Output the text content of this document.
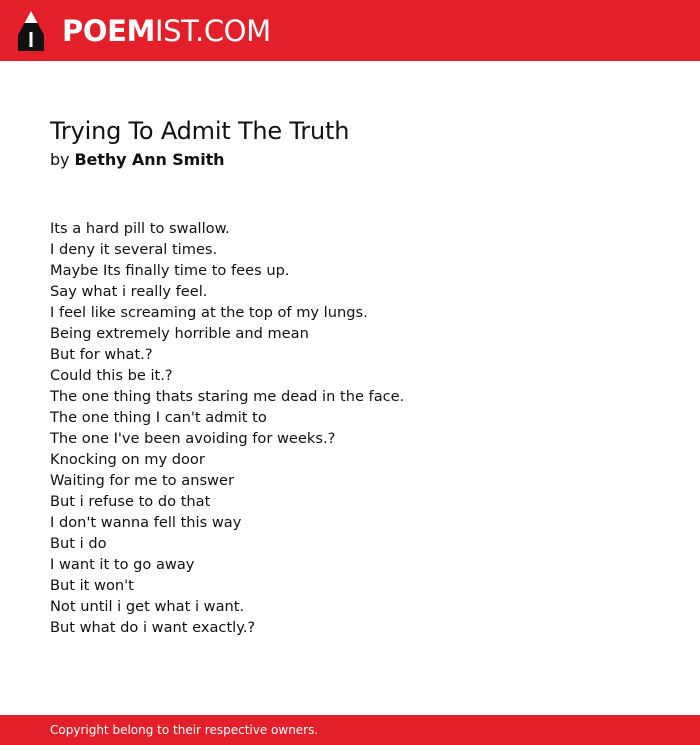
POEMIST.COM
Trying To Admit The Truth
by Bethy Ann Smith
Its a hard pill to swallow.
I deny it several times.
Maybe Its finally time to fees up.
Say what i really feel.
I feel like screaming at the top of my lungs.
Being extremely horrible and mean
But for what.?
Could this be it.?
The one thing thats staring me dead in the face.
The one thing I can't admit to
The one I've been avoiding for weeks.?
Knocking on my door
Waiting for me to answer
But i refuse to do that
I don't wanna fell this way
But i do
I want it to go away
But it won't
Not until i get what i want.
But what do i want exactly.?
Copyright belong to their respective owners.
